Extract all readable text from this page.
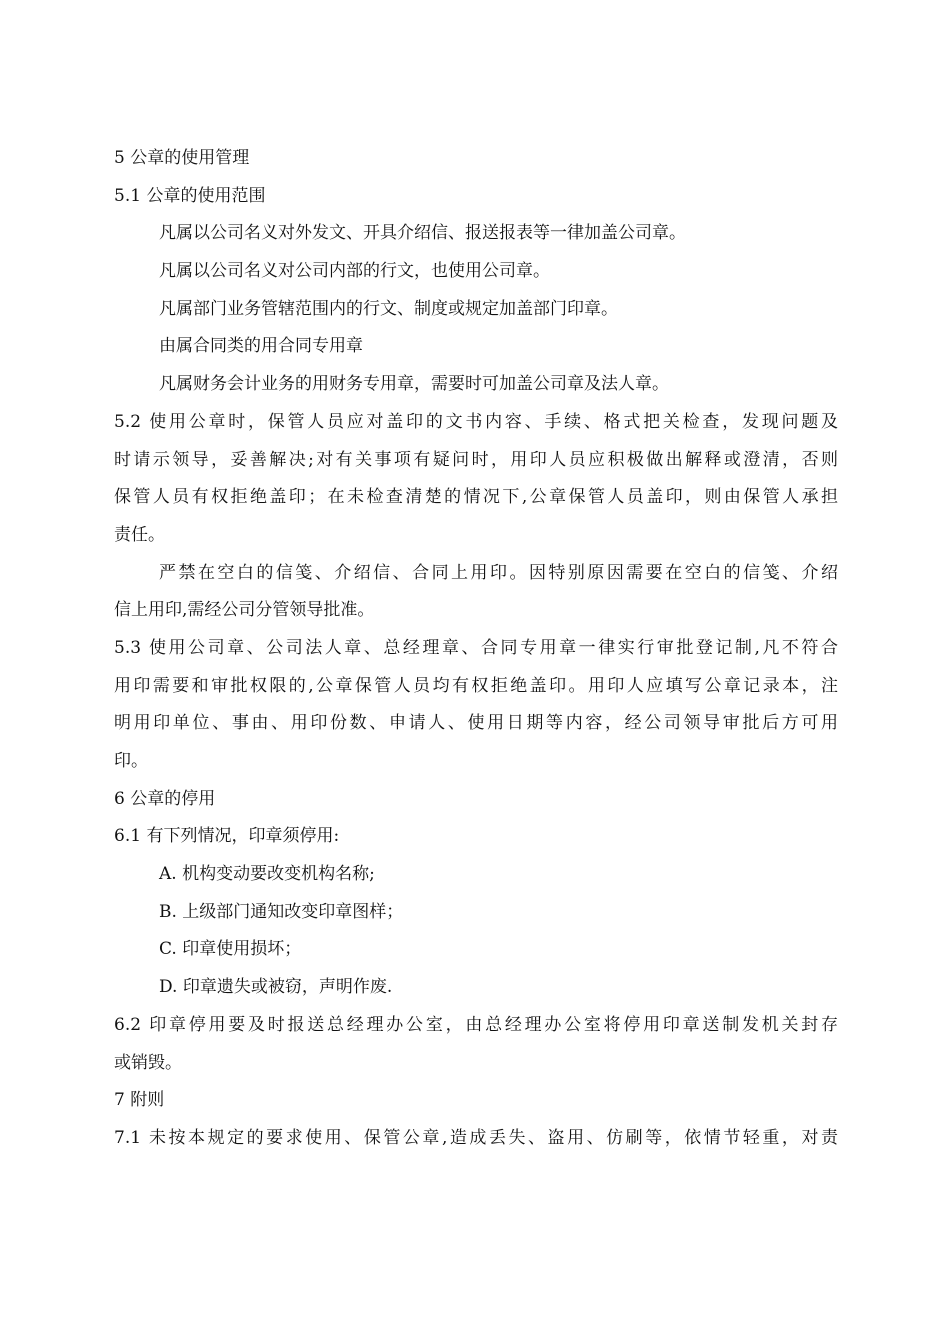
5 公章的使用管理
5.1 公章的使用范围
凡属以公司名义对外发文、开具介绍信、报送报表等一律加盖公司章。
凡属以公司名义对公司内部的行文，也使用公司章。
凡属部门业务管辖范围内的行文、制度或规定加盖部门印章。
由属合同类的用合同专用章
凡属财务会计业务的用财务专用章，需要时可加盖公司章及法人章。
5.2 使用公章时，保管人员应对盖印的文书内容、手续、格式把关检查，发现问题及
时请示领导，妥善解决;对有关事项有疑问时，用印人员应积极做出解释或澄清，否则
保管人员有权拒绝盖印；在未检查清楚的情况下,公章保管人员盖印，则由保管人承担
责任。
严禁在空白的信笺、介绍信、合同上用印。因特别原因需要在空白的信笺、介绍
信上用印,需经公司分管领导批准。
5.3 使用公司章、公司法人章、总经理章、合同专用章一律实行审批登记制,凡不符合
用印需要和审批权限的,公章保管人员均有权拒绝盖印。用印人应填写公章记录本，注
明用印单位、事由、用印份数、申请人、使用日期等内容，经公司领导审批后方可用
印。
6 公章的停用
6.1 有下列情况，印章须停用:
A. 机构变动要改变机构名称;
B. 上级部门通知改变印章图样；
C. 印章使用损坏；
D. 印章遗失或被窃，声明作废.
6.2 印章停用要及时报送总经理办公室，由总经理办公室将停用印章送制发机关封存
或销毁。
7 附则
7.1 未按本规定的要求使用、保管公章,造成丢失、盗用、仿刷等，依情节轻重，对责
